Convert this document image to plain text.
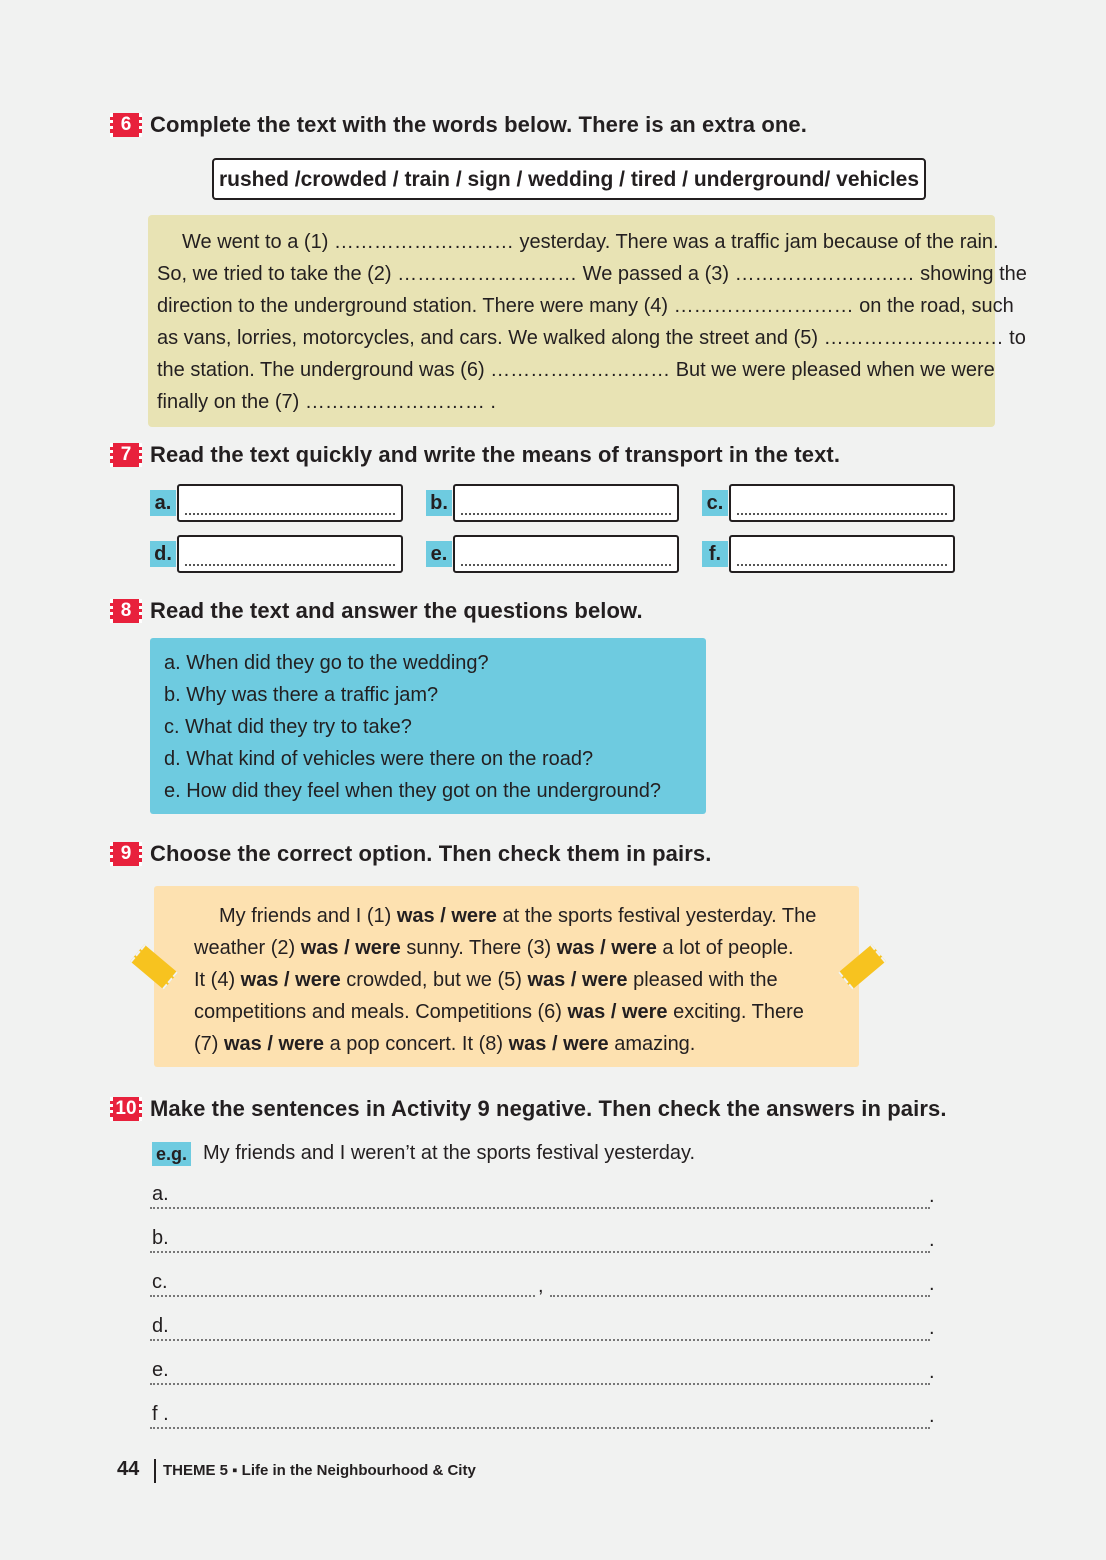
6 Complete the text with the words below. There is an extra one.
rushed /crowded / train / sign / wedding / tired / underground/ vehicles
We went to a (1) ……………………… yesterday. There was a traffic jam because of the rain.
So, we tried to take the (2) ……………………… We passed a (3) ……………………… showing the
direction to the underground station. There were many (4) ……………………… on the road, such
as vans, lorries, motorcycles, and cars. We walked along the street and (5) ……………………… to
the station. The underground was (6) ……………………… But we were pleased when we were
finally on the (7) ……………………… .
7 Read the text quickly and write the means of transport in the text.
a.	b.	c.
d.	e.	f.
8 Read the text and answer the questions below.
a. When did they go to the wedding?
b. Why was there a traffic jam?
c. What did they try to take?
d. What kind of vehicles were there on the road?
e. How did they feel when they got on the underground?
9 Choose the correct option. Then check them in pairs.
My friends and I (1) was / were at the sports festival yesterday. The
weather (2) was / were sunny. There (3) was / were a lot of people.
It (4) was / were crowded, but we (5) was / were pleased with the
competitions and meals. Competitions (6) was / were exciting. There
(7) was / were a pop concert. It (8) was / were amazing.
10 Make the sentences in Activity 9 negative. Then check the answers in pairs.
e.g. My friends and I weren’t at the sports festival yesterday.
a.	.
b.	.
c.	,	.
d.	.
e.	.
f .	.
44 THEME 5 ▪ Life in the Neighbourhood & City
